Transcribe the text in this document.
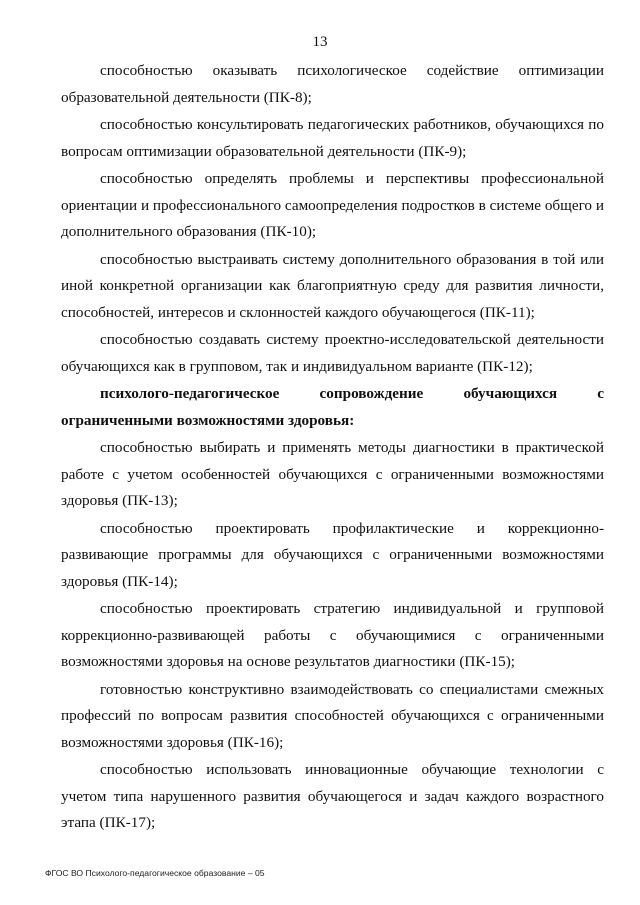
13

способностью оказывать психологическое содействие оптимизации образовательной деятельности (ПК-8);

способностью консультировать педагогических работников, обучающихся по вопросам оптимизации образовательной деятельности (ПК-9);

способностью определять проблемы и перспективы профессиональной ориентации и профессионального самоопределения подростков в системе общего и дополнительного образования (ПК-10);

способностью выстраивать систему дополнительного образования в той или иной конкретной организации как благоприятную среду для развития личности, способностей, интересов и склонностей каждого обучающегося (ПК-11);

способностью создавать систему проектно-исследовательской деятельности обучающихся как в групповом, так и индивидуальном варианте (ПК-12);

психолого-педагогическое сопровождение обучающихся с ограниченными возможностями здоровья:

способностью выбирать и применять методы диагностики в практической работе с учетом особенностей обучающихся с ограниченными возможностями здоровья (ПК-13);

способностью проектировать профилактические и коррекционно-развивающие программы для обучающихся с ограниченными возможностями здоровья (ПК-14);

способностью проектировать стратегию индивидуальной и групповой коррекционно-развивающей работы с обучающимися с ограниченными возможностями здоровья на основе результатов диагностики (ПК-15);

готовностью конструктивно взаимодействовать со специалистами смежных профессий по вопросам развития способностей обучающихся с ограниченными возможностями здоровья (ПК-16);

способностью использовать инновационные обучающие технологии с учетом типа нарушенного развития обучающегося и задач каждого возрастного этапа (ПК-17);

ФГОС ВО Психолого-педагогическое образование – 05
